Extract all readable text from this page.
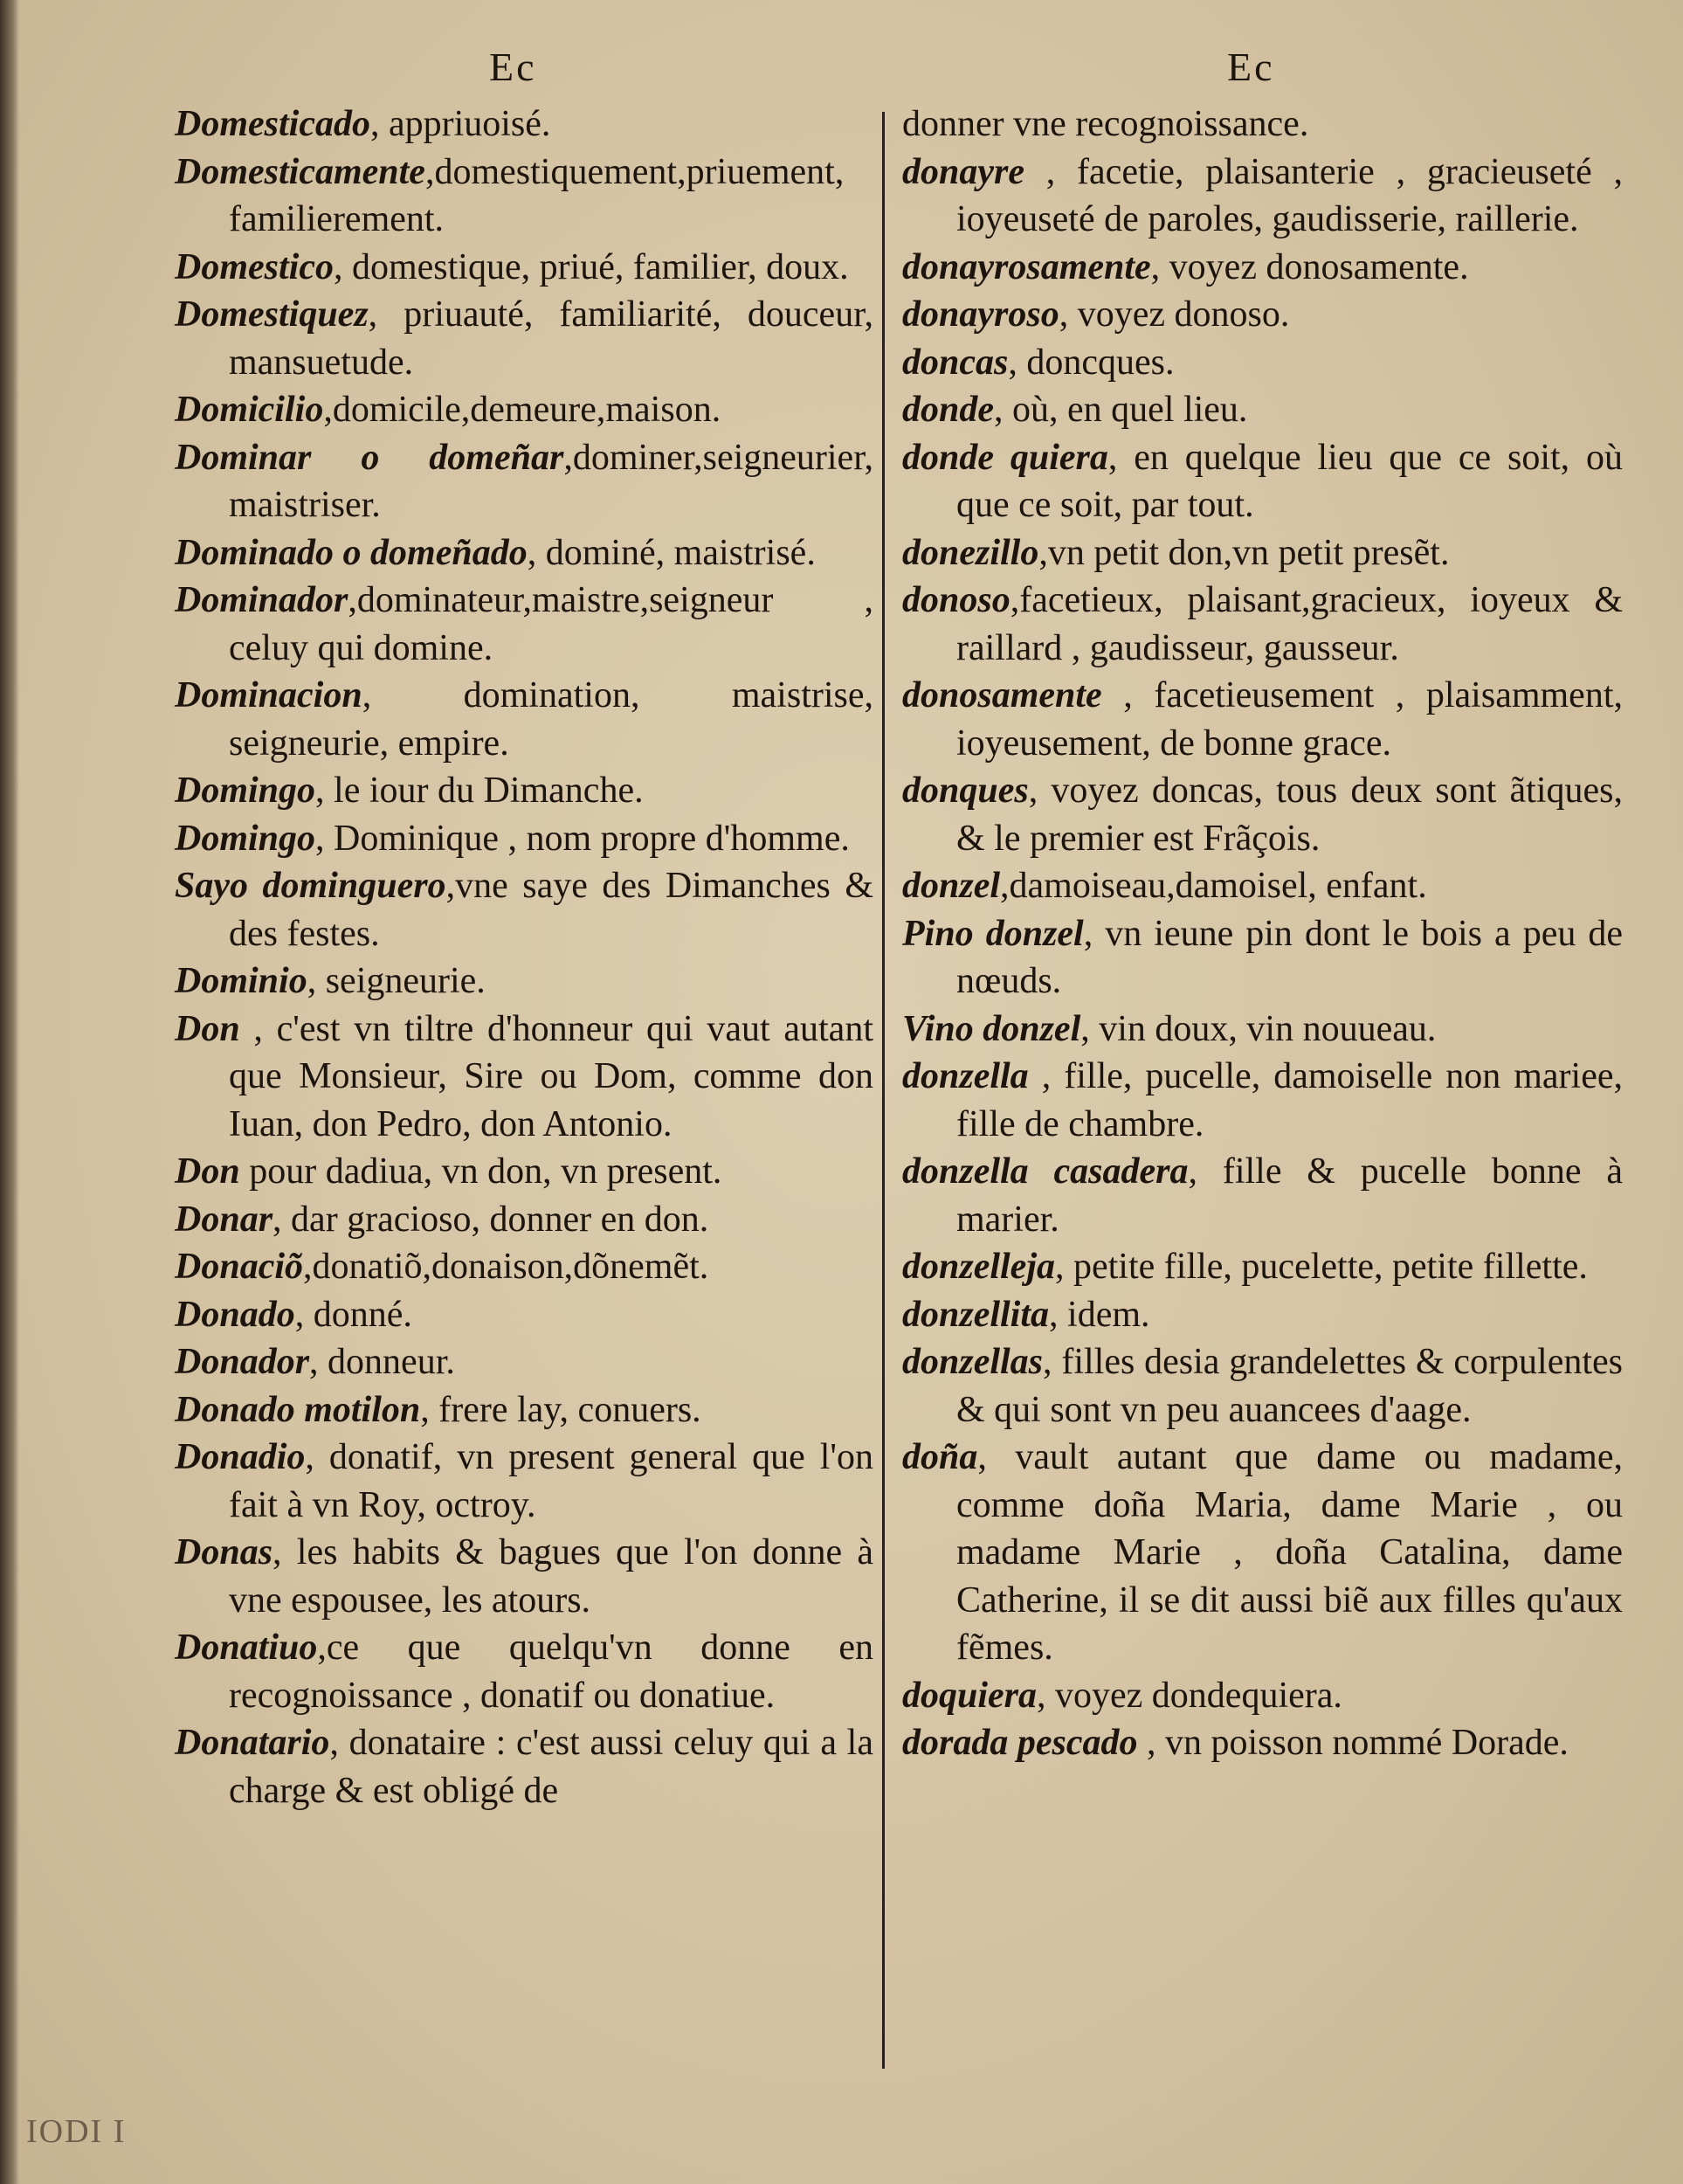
Ec	Ec
Domesticado, appriuoisé.
Domesticamente,domestiquement,priuement, familierement.
Domestico, domestique, priué, familier, doux.
Domestiquez, priuauté, familiarité, douceur, mansuetude.
Domicilio,domicile,demeure,maison.
Dominar o domeñar,dominer,seigneurier, maistriser.
Dominado o domeñado, dominé, maistrisé.
Dominador,dominateur,maistre,seigneur , celuy qui domine.
Dominacion, domination, maistrise, seigneurie, empire.
Domingo, le iour du Dimanche.
Domingo, Dominique , nom propre d'homme.
Sayo dominguero,vne saye des Dimanches & des festes.
Dominio, seigneurie.
Don , c'est vn tiltre d'honneur qui vaut autant que Monsieur, Sire ou Dom, comme don Iuan, don Pedro, don Antonio.
Don pour dadiua, vn don, vn present.
Donar, dar gracioso, donner en don.
Donaciõ,donatiõ,donaison,dõnemẽt.
Donado, donné.
Donador, donneur.
Donado motilon, frere lay, conuers.
Donadio, donatif, vn present general que l'on fait à vn Roy, octroy.
Donas, les habits & bagues que l'on donne à vne espousee, les atours.
Donatiuo,ce que quelqu'vn donne en recognoissance , donatif ou donatiue.
Donatario, donataire : c'est aussi celuy qui a la charge & est obligé de
donner vne recognoissance.
donayre , facetie, plaisanterie , gracieuseté , ioyeuseté de paroles, gaudisserie, raillerie.
donayrosamente, voyez donosamente.
donayroso, voyez donoso.
doncas, doncques.
donde, où, en quel lieu.
donde quiera, en quelque lieu que ce soit, où que ce soit, par tout.
donezillo,vn petit don,vn petit presẽt.
donoso,facetieux, plaisant,gracieux, ioyeux & raillard , gaudisseur, gausseur.
donosamente , facetieusement , plaisamment, ioyeusement, de bonne grace.
donques, voyez doncas, tous deux sont ãtiques, & le premier est Frãçois.
donzel,damoiseau,damoisel, enfant.
Pino donzel, vn ieune pin dont le bois a peu de nœuds.
Vino donzel, vin doux, vin nouueau.
donzella , fille, pucelle, damoiselle non mariee, fille de chambre.
donzella casadera, fille & pucelle bonne à marier.
donzelleja, petite fille, pucelette, petite fillette.
donzellita, idem.
donzellas, filles desia grandelettes & corpulentes & qui sont vn peu auancees d'aage.
doña, vault autant que dame ou madame, comme doña Maria, dame Marie , ou madame Marie , doña Catalina, dame Catherine, il se dit aussi biẽ aux filles qu'aux fẽmes.
doquiera, voyez dondequiera.
dorada pescado , vn poisson nommé Dorade.
IODI I
